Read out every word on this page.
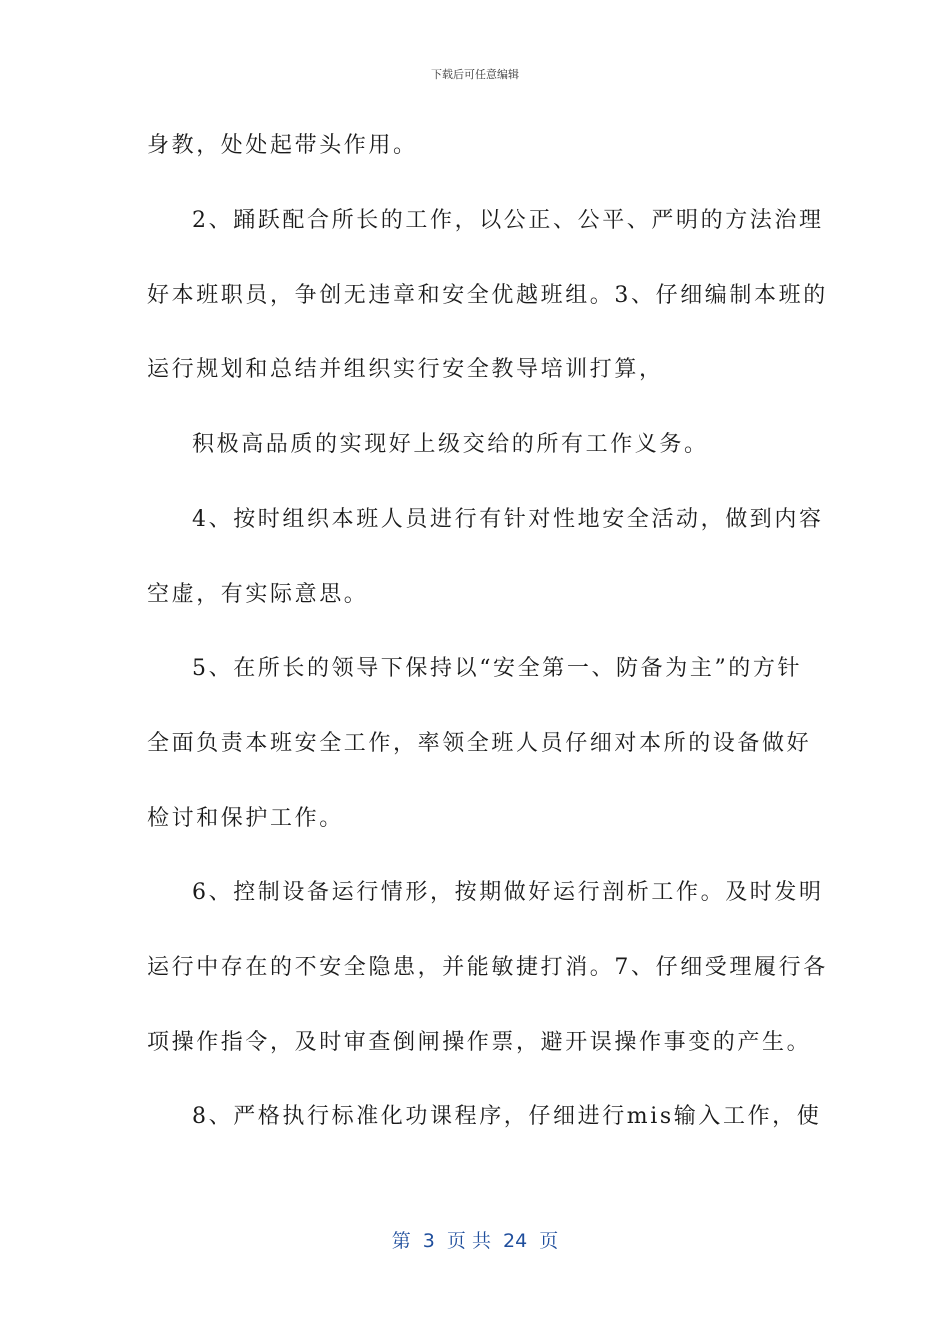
下载后可任意编辑
身教，处处起带头作用。
2、踊跃配合所长的工作，以公正、公平、严明的方法治理
好本班职员，争创无违章和安全优越班组。3、仔细编制本班的
运行规划和总结并组织实行安全教导培训打算，
积极高品质的实现好上级交给的所有工作义务。
4、按时组织本班人员进行有针对性地安全活动，做到内容
空虚，有实际意思。
5、在所长的领导下保持以“安全第一、防备为主”的方针
全面负责本班安全工作，率领全班人员仔细对本所的设备做好
检讨和保护工作。
6、控制设备运行情形，按期做好运行剖析工作。及时发明
运行中存在的不安全隐患，并能敏捷打消。7、仔细受理履行各
项操作指令，及时审查倒闸操作票，避开误操作事变的产生。
8、严格执行标准化功课程序，仔细进行mis输入工作，使
第  3  页 共  24  页
